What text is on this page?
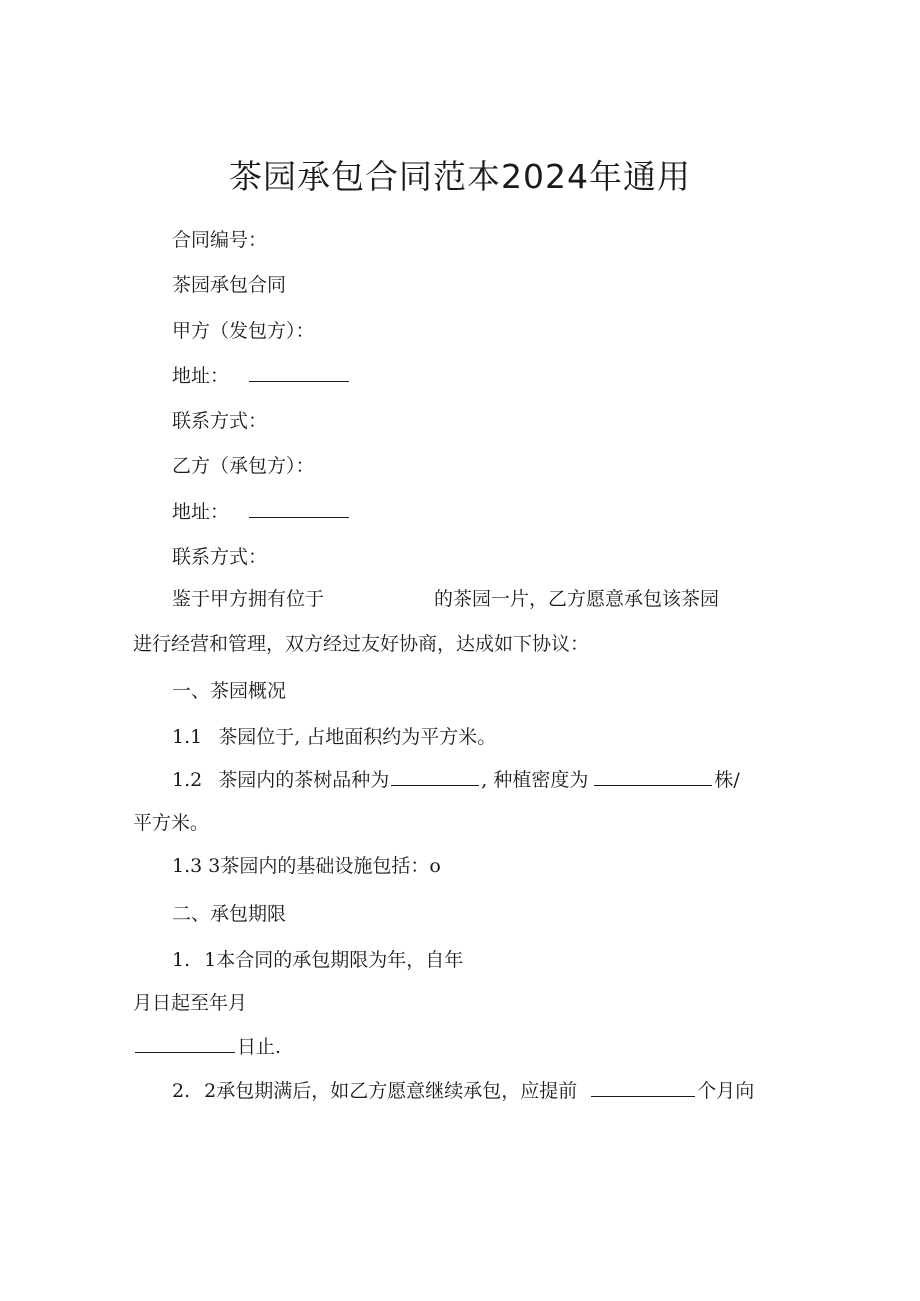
茶园承包合同范本2024年通用
合同编号：
茶园承包合同
甲方（发包方）：
地址：
联系方式：
乙方（承包方）：
地址：
联系方式：
鉴于甲方拥有位于	的茶园一片，乙方愿意承包该茶园
进行经营和管理，双方经过友好协商，达成如下协议：
一、茶园概况
1.1 茶园位于, 占地面积约为平方米。
1.2 茶园内的茶树品种为	, 种植密度为	株/
平方米。
1.3 3茶园内的基础设施包括：o
二、承包期限
1. 1本合同的承包期限为年，自年
月日起至年月
日止.
2. 2承包期满后，如乙方愿意继续承包，应提前	个月向
